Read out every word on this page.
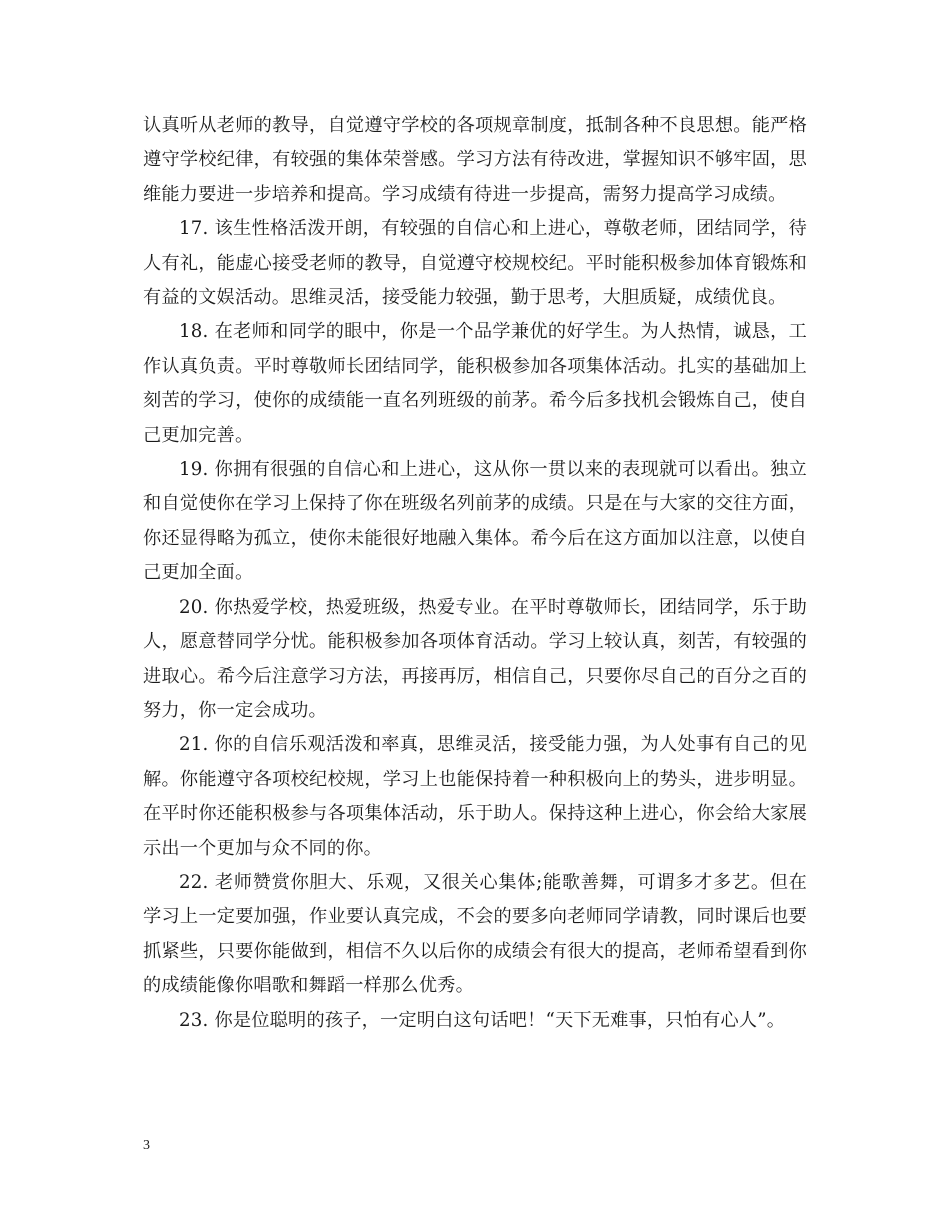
认真听从老师的教导，自觉遵守学校的各项规章制度，抵制各种不良思想。能严格遵守学校纪律，有较强的集体荣誉感。学习方法有待改进，掌握知识不够牢固，思维能力要进一步培养和提高。学习成绩有待进一步提高，需努力提高学习成绩。

17. 该生性格活泼开朗，有较强的自信心和上进心，尊敬老师，团结同学，待人有礼，能虚心接受老师的教导，自觉遵守校规校纪。平时能积极参加体育锻炼和有益的文娱活动。思维灵活，接受能力较强，勤于思考，大胆质疑，成绩优良。

18. 在老师和同学的眼中，你是一个品学兼优的好学生。为人热情，诚恳，工作认真负责。平时尊敬师长团结同学，能积极参加各项集体活动。扎实的基础加上刻苦的学习，使你的成绩能一直名列班级的前茅。希今后多找机会锻炼自己，使自己更加完善。

19. 你拥有很强的自信心和上进心，这从你一贯以来的表现就可以看出。独立和自觉使你在学习上保持了你在班级名列前茅的成绩。只是在与大家的交往方面，你还显得略为孤立，使你未能很好地融入集体。希今后在这方面加以注意，以使自己更加全面。

20. 你热爱学校，热爱班级，热爱专业。在平时尊敬师长，团结同学，乐于助人，愿意替同学分忧。能积极参加各项体育活动。学习上较认真，刻苦，有较强的进取心。希今后注意学习方法，再接再厉，相信自己，只要你尽自己的百分之百的努力，你一定会成功。

21. 你的自信乐观活泼和率真，思维灵活，接受能力强，为人处事有自己的见解。你能遵守各项校纪校规，学习上也能保持着一种积极向上的势头，进步明显。在平时你还能积极参与各项集体活动，乐于助人。保持这种上进心，你会给大家展示出一个更加与众不同的你。

22. 老师赞赏你胆大、乐观，又很关心集体;能歌善舞，可谓多才多艺。但在学习上一定要加强，作业要认真完成，不会的要多向老师同学请教，同时课后也要抓紧些，只要你能做到，相信不久以后你的成绩会有很大的提高，老师希望看到你的成绩能像你唱歌和舞蹈一样那么优秀。

23. 你是位聪明的孩子，一定明白这句话吧！“天下无难事，只怕有心人”。

3
